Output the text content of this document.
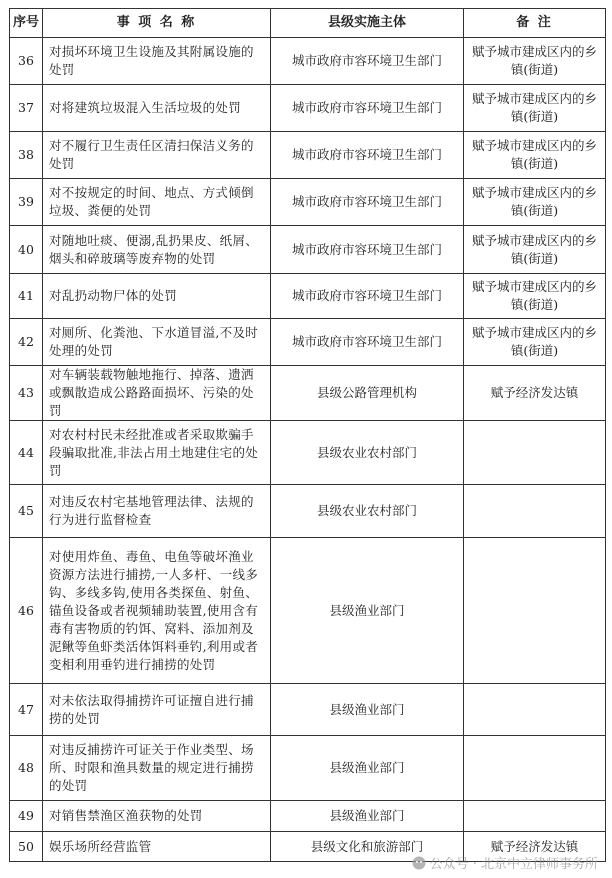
序号	事 项 名 称	县级实施主体	备 注
36	对损坏环境卫生设施及其附属设施的处罚	城市政府市容环境卫生部门	赋予城市建成区内的乡镇(街道)
37	对将建筑垃圾混入生活垃圾的处罚	城市政府市容环境卫生部门	赋予城市建成区内的乡镇(街道)
38	对不履行卫生责任区清扫保洁义务的处罚	城市政府市容环境卫生部门	赋予城市建成区内的乡镇(街道)
39	对不按规定的时间、地点、方式倾倒垃圾、粪便的处罚	城市政府市容环境卫生部门	赋予城市建成区内的乡镇(街道)
40	对随地吐痰、便溺,乱扔果皮、纸屑、烟头和碎玻璃等废弃物的处罚	城市政府市容环境卫生部门	赋予城市建成区内的乡镇(街道)
41	对乱扔动物尸体的处罚	城市政府市容环境卫生部门	赋予城市建成区内的乡镇(街道)
42	对厕所、化粪池、下水道冒溢,不及时处理的处罚	城市政府市容环境卫生部门	赋予城市建成区内的乡镇(街道)
43	对车辆装载物触地拖行、掉落、遗洒或飘散造成公路路面损坏、污染的处罚	县级公路管理机构	赋予经济发达镇
44	对农村村民未经批准或者采取欺骗手段骗取批准,非法占用土地建住宅的处罚	县级农业农村部门	
45	对违反农村宅基地管理法律、法规的行为进行监督检查	县级农业农村部门	
46	对使用炸鱼、毒鱼、电鱼等破坏渔业资源方法进行捕捞,一人多杆、一线多钩、多线多钩,使用各类探鱼、射鱼、锚鱼设备或者视频辅助装置,使用含有毒有害物质的钓饵、窝料、添加剂及泥鳅等鱼虾类活体饵料垂钓,利用或者变相利用垂钓进行捕捞的处罚	县级渔业部门	
47	对未依法取得捕捞许可证擅自进行捕捞的处罚	县级渔业部门	
48	对违反捕捞许可证关于作业类型、场所、时限和渔具数量的规定进行捕捞的处罚	县级渔业部门	
49	对销售禁渔区渔获物的处罚	县级渔业部门	
50	娱乐场所经营监管	县级文化和旅游部门	赋予经济发达镇
公众号 · 北京中立律师事务所
